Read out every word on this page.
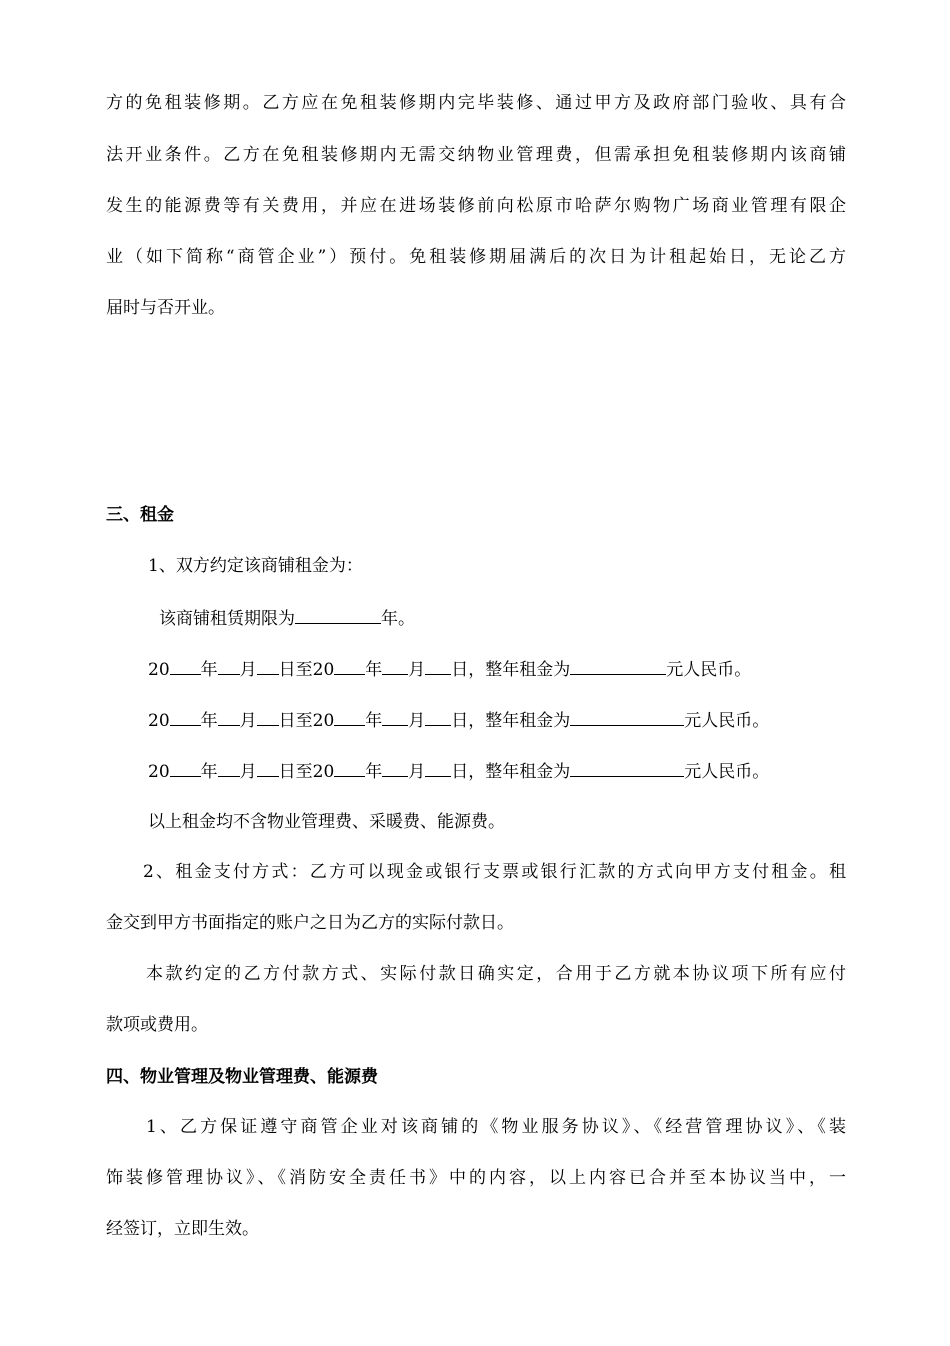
方的免租装修期。乙方应在免租装修期内完毕装修、通过甲方及政府部门验收、具有合
法开业条件。乙方在免租装修期内无需交纳物业管理费，但需承担免租装修期内该商铺
发生的能源费等有关费用，并应在进场装修前向松原市哈萨尔购物广场商业管理有限企
业（如下简称“商管企业”）预付。免租装修期届满后的次日为计租起始日，无论乙方
届时与否开业。
三、租金
1、双方约定该商铺租金为：
该商铺租赁期限为	年。
20 年 月 日至20 年 月 日，整年租金为	元人民币。
20 年 月 日至20 年 月 日，整年租金为	元人民币。
20 年 月 日至20 年 月 日，整年租金为	元人民币。
以上租金均不含物业管理费、采暖费、能源费。
2、租金支付方式：乙方可以现金或银行支票或银行汇款的方式向甲方支付租金。租
金交到甲方书面指定的账户之日为乙方的实际付款日。
本款约定的乙方付款方式、实际付款日确实定，合用于乙方就本协议项下所有应付
款项或费用。
四、物业管理及物业管理费、能源费
1、乙方保证遵守商管企业对该商铺的《物业服务协议》、《经营管理协议》、《装
饰装修管理协议》、《消防安全责任书》中的内容，以上内容已合并至本协议当中，一
经签订，立即生效。
